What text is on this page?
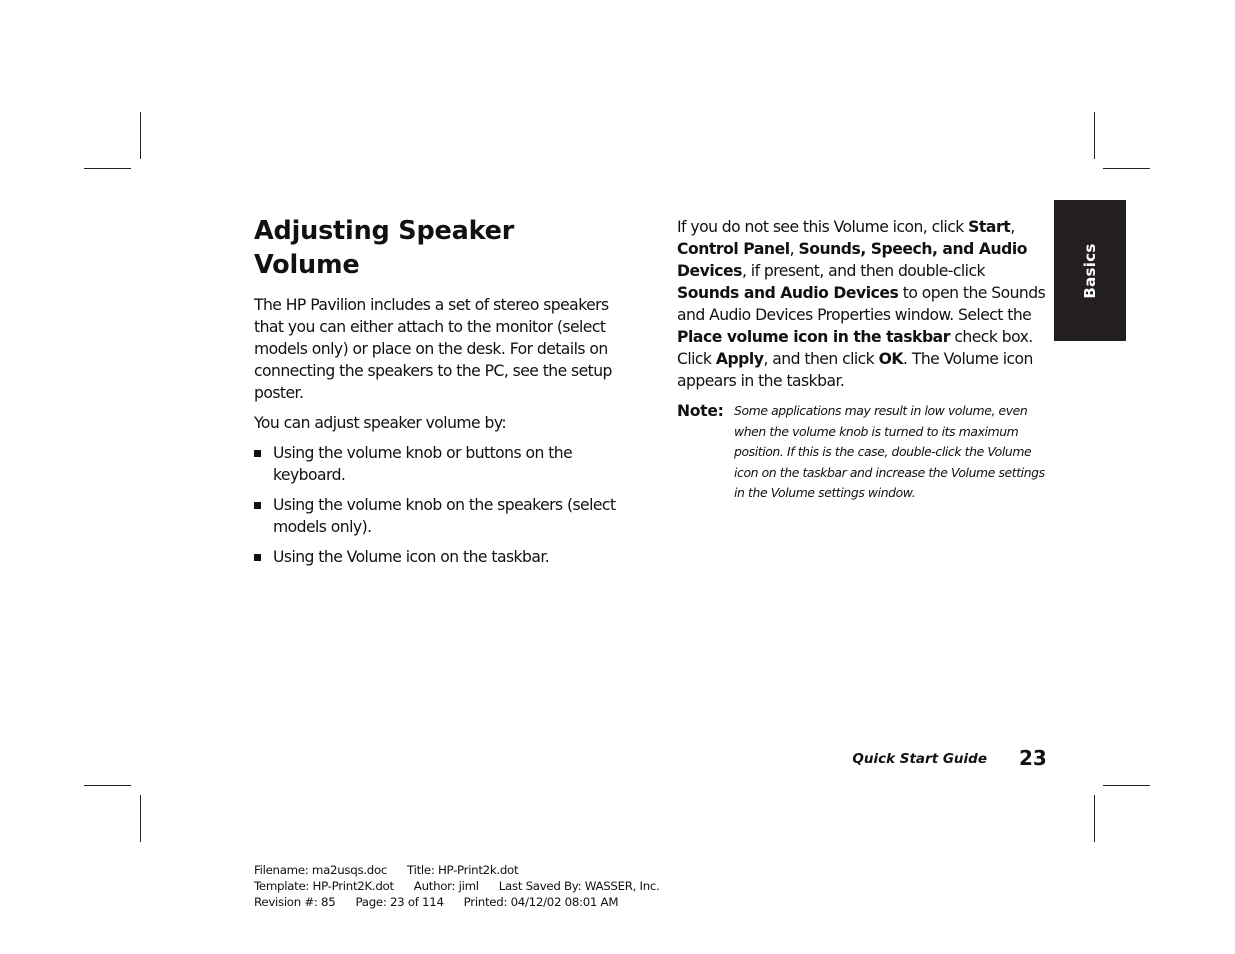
Adjusting Speaker Volume

The HP Pavilion includes a set of stereo speakers that you can either attach to the monitor (select models only) or place on the desk. For details on connecting the speakers to the PC, see the setup poster.

You can adjust speaker volume by:

Using the volume knob or buttons on the keyboard.
Using the volume knob on the speakers (select models only).
Using the Volume icon on the taskbar.

If you do not see this Volume icon, click Start, Control Panel, Sounds, Speech, and Audio Devices, if present, and then double-click Sounds and Audio Devices to open the Sounds and Audio Devices Properties window. Select the Place volume icon in the taskbar check box. Click Apply, and then click OK. The Volume icon appears in the taskbar.

Note: Some applications may result in low volume, even when the volume knob is turned to its maximum position. If this is the case, double-click the Volume icon on the taskbar and increase the Volume settings in the Volume settings window.
Basics
Quick Start Guide 23
Filename: ma2usqs.doc Title: HP-Print2k.dot
Template: HP-Print2K.dot Author: jiml Last Saved By: WASSER, Inc.
Revision #: 85 Page: 23 of 114 Printed: 04/12/02 08:01 AM
